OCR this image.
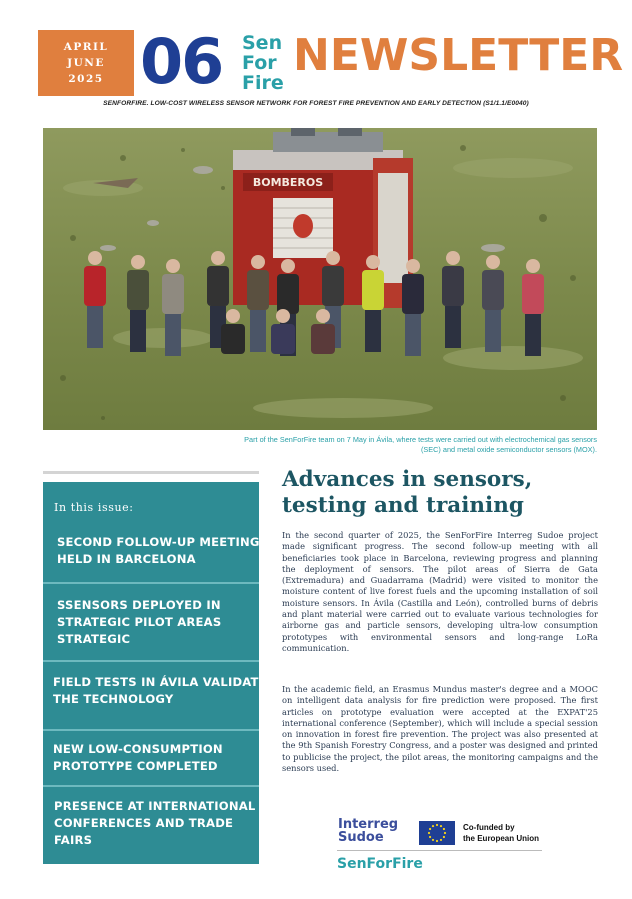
APRIL
JUNE
2025 06 Sen
For
Fire
NEWSLETTER
SENFORFIRE. LOW-COST WIRELESS SENSOR NETWORK FOR FOREST FIRE PREVENTION AND EARLY DETECTION (S1/1.1/E0040)
BOMBEROS
Part of the SenForFire team on 7 May in Ávila, where tests were carried out with electrochemical gas sensors
(SEC) and metal oxide semiconductor sensors (MOX).
In this issue:
SECOND FOLLOW-UP MEETING
HELD IN BARCELONA
SSENSORS DEPLOYED IN
STRATEGIC PILOT AREAS
STRATEGIC
FIELD TESTS IN ÁVILA VALIDATE
THE TECHNOLOGY
NEW LOW-CONSUMPTION
PROTOTYPE COMPLETED
PRESENCE AT INTERNATIONAL
CONFERENCES AND TRADE
FAIRS
Advances in sensors,
testing and training
In the second quarter of 2025, the SenForFire Interreg Sudoe project made significant progress. The second follow-up meeting with all beneficiaries took place in Barcelona, reviewing progress and planning the deployment of sensors. The pilot areas of Sierra de Gata (Extremadura) and Guadarrama (Madrid) were visited to monitor the moisture content of live forest fuels and the upcoming installation of soil moisture sensors. In Ávila (Castilla and León), controlled burns of debris and plant material were carried out to evaluate various technologies for airborne gas and particle sensors, developing ultra-low consumption prototypes with environmental sensors and long-range LoRa communication.
In the academic field, an Erasmus Mundus master's degree and a MOOC on intelligent data analysis for fire prediction were proposed. The first articles on prototype evaluation were accepted at the EXPAT'25 international conference (September), which will include a special session on innovation in forest fire prevention. The project was also presented at the 9th Spanish Forestry Congress, and a poster was designed and printed to publicise the project, the pilot areas, the monitoring campaigns and the sensors used.
Interreg
Sudoe
Co-funded by
the European Union
SenForFire
